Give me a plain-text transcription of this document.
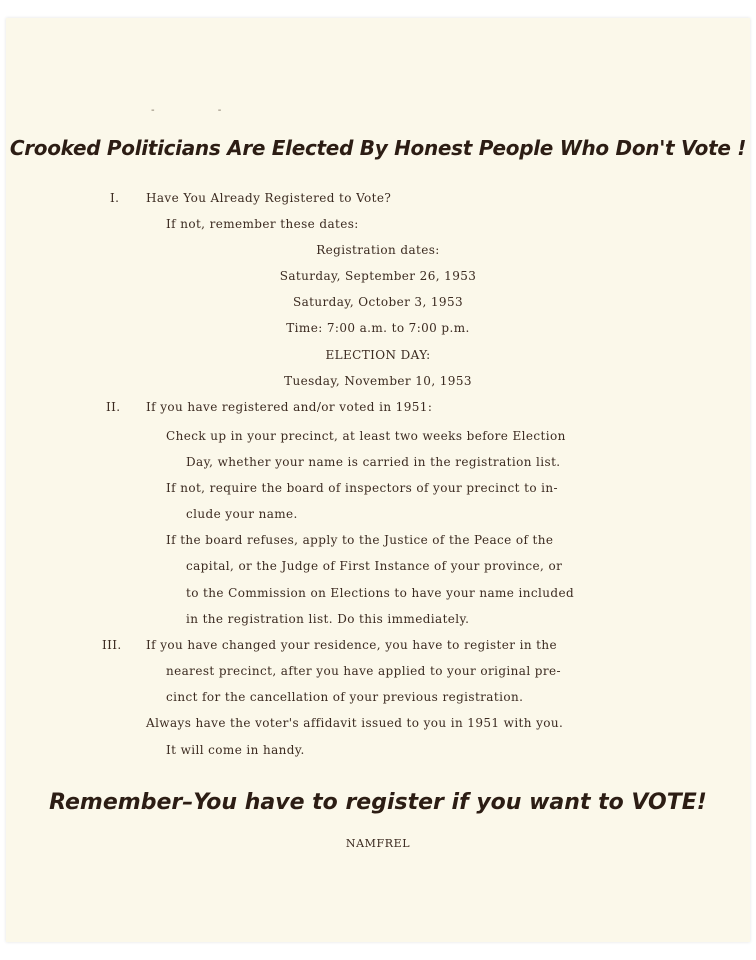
- -
Crooked Politicians Are Elected By Honest People Who Don't Vote !
I. Have You Already Registered to Vote?
If not, remember these dates:
Registration dates:
Saturday, September 26, 1953
Saturday, October 3, 1953
Time: 7:00 a.m. to 7:00 p.m.
ELECTION DAY:
Tuesday, November 10, 1953
II. If you have registered and/or voted in 1951:
Check up in your precinct, at least two weeks before Election
Day, whether your name is carried in the registration list.
If not, require the board of inspectors of your precinct to in-
clude your name.
If the board refuses, apply to the Justice of the Peace of the
capital, or the Judge of First Instance of your province, or
to the Commission on Elections to have your name included
in the registration list. Do this immediately.
III. If you have changed your residence, you have to register in the
nearest precinct, after you have applied to your original pre-
cinct for the cancellation of your previous registration.
Always have the voter's affidavit issued to you in 1951 with you.
It will come in handy.
Remember–You have to register if you want to VOTE!
NAMFREL
